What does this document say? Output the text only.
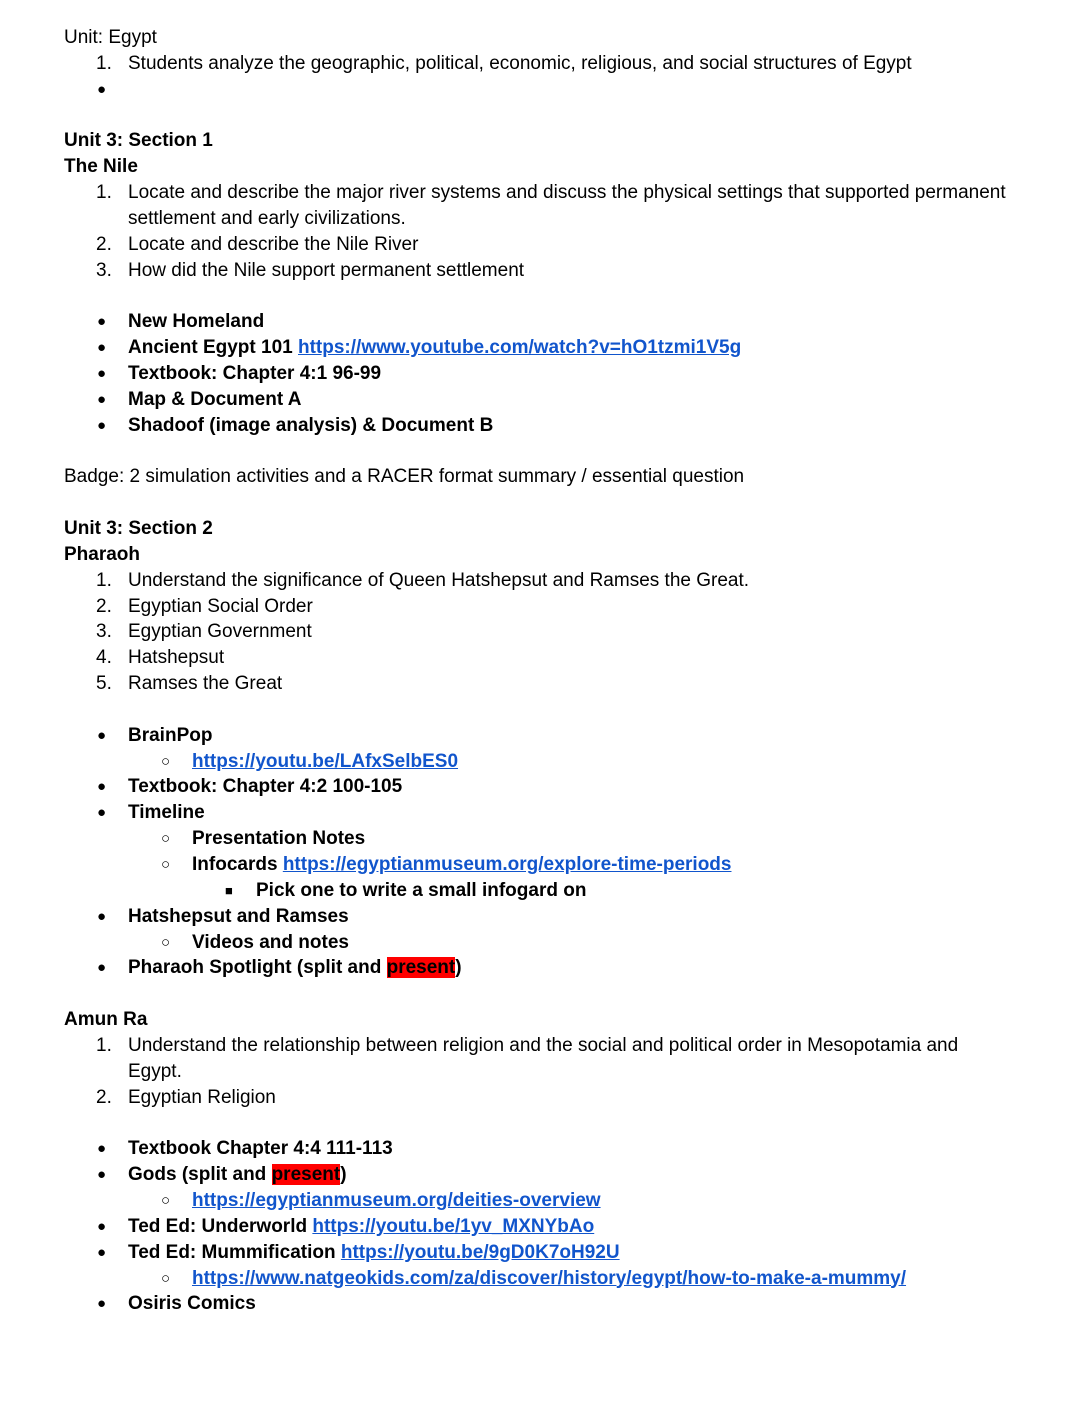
Unit: Egypt
1. Students analyze the geographic, political, economic, religious, and social structures of Egypt
●
Unit 3: Section 1
The Nile
1. Locate and describe the major river systems and discuss the physical settings that supported permanent settlement and early civilizations.
2. Locate and describe the Nile River
3. How did the Nile support permanent settlement
● New Homeland
● Ancient Egypt 101 https://www.youtube.com/watch?v=hO1tzmi1V5g
● Textbook: Chapter 4:1 96-99
● Map & Document A
● Shadoof (image analysis) & Document B
Badge: 2 simulation activities and a RACER format summary / essential question
Unit 3: Section 2
Pharaoh
1. Understand the significance of Queen Hatshepsut and Ramses the Great.
2. Egyptian Social Order
3. Egyptian Government
4. Hatshepsut
5. Ramses the Great
● BrainPop
○ https://youtu.be/LAfxSelbES0
● Textbook: Chapter 4:2 100-105
● Timeline
○ Presentation Notes
○ Infocards https://egyptianmuseum.org/explore-time-periods
■ Pick one to write a small infogard on
● Hatshepsut and Ramses
○ Videos and notes
● Pharaoh Spotlight (split and present)
Amun Ra
1. Understand the relationship between religion and the social and political order in Mesopotamia and
Egypt.
2. Egyptian Religion
● Textbook Chapter 4:4 111-113
● Gods (split and present)
○ https://egyptianmuseum.org/deities-overview
● Ted Ed: Underworld https://youtu.be/1yv_MXNYbAo
● Ted Ed: Mummification https://youtu.be/9gD0K7oH92U
○ https://www.natgeokids.com/za/discover/history/egypt/how-to-make-a-mummy/
● Osiris Comics
